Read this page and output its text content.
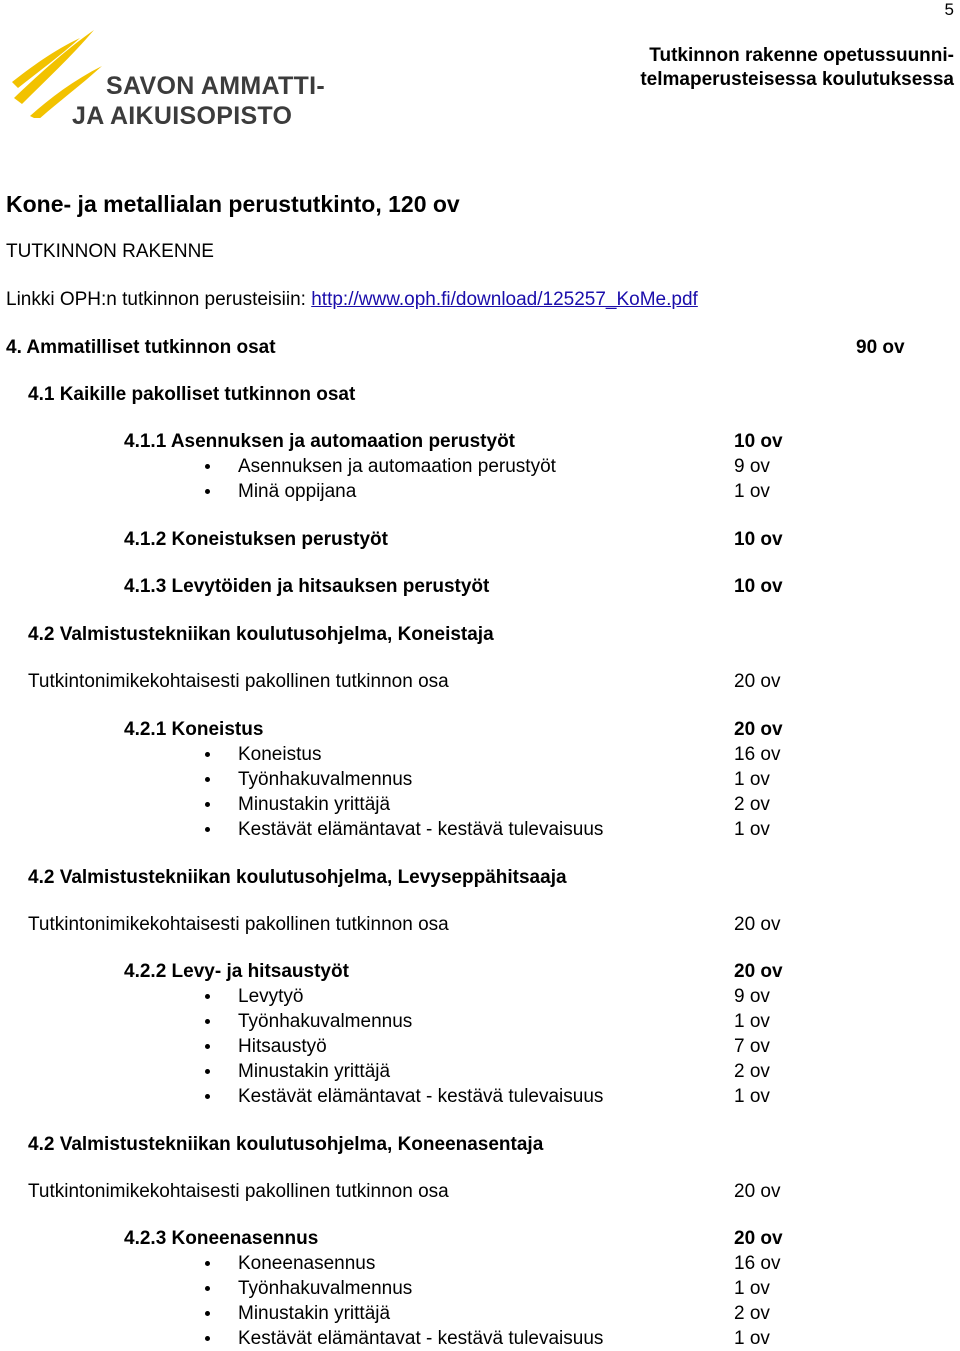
5
SAVON AMMATTI-
JA AIKUISOPISTO
Tutkinnon rakenne opetussuunni-
telmaperusteisessa koulutuksessa
Kone- ja metallialan perustutkinto, 120 ov
TUTKINNON RAKENNE
Linkki OPH:n tutkinnon perusteisiin: http://www.oph.fi/download/125257_KoMe.pdf
4. Ammatilliset tutkinnon osat	90 ov
4.1 Kaikille pakolliset tutkinnon osat
4.1.1 Asennuksen ja automaation perustyöt	10 ov
Asennuksen ja automaation perustyöt	9 ov
Minä oppijana	1 ov
4.1.2 Koneistuksen perustyöt	10 ov
4.1.3 Levytöiden ja hitsauksen perustyöt	10 ov
4.2 Valmistustekniikan koulutusohjelma, Koneistaja
Tutkintonimikekohtaisesti pakollinen tutkinnon osa	20 ov
4.2.1 Koneistus	20 ov
Koneistus	16 ov
Työnhakuvalmennus	1 ov
Minustakin yrittäjä	2 ov
Kestävät elämäntavat - kestävä tulevaisuus	1 ov
4.2 Valmistustekniikan koulutusohjelma, Levyseppähitsaaja
Tutkintonimikekohtaisesti pakollinen tutkinnon osa	20 ov
4.2.2 Levy- ja hitsaustyöt	20 ov
Levytyö	9 ov
Työnhakuvalmennus	1 ov
Hitsaustyö	7 ov
Minustakin yrittäjä	2 ov
Kestävät elämäntavat - kestävä tulevaisuus	1 ov
4.2 Valmistustekniikan koulutusohjelma, Koneenasentaja
Tutkintonimikekohtaisesti pakollinen tutkinnon osa	20 ov
4.2.3 Koneenasennus	20 ov
Koneenasennus	16 ov
Työnhakuvalmennus	1 ov
Minustakin yrittäjä	2 ov
Kestävät elämäntavat - kestävä tulevaisuus	1 ov
